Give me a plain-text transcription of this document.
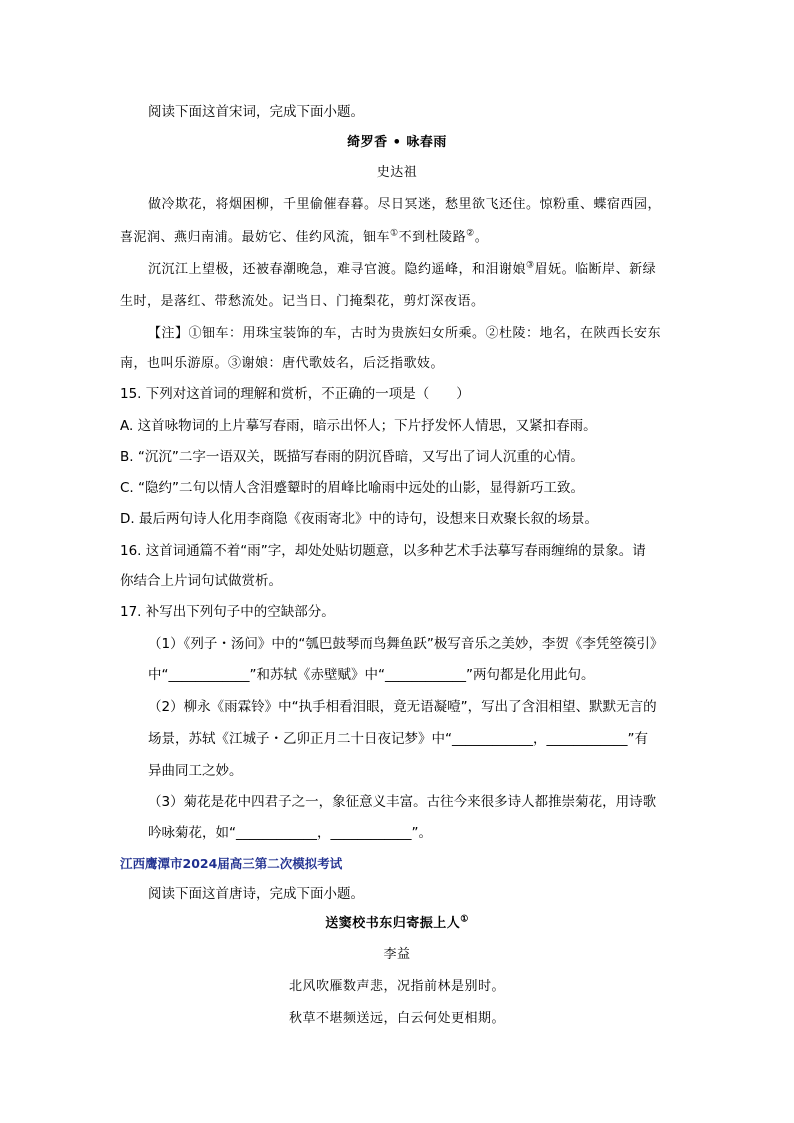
阅读下面这首宋词，完成下面小题。
绮罗香 • 咏春雨
史达祖
做冷欺花，将烟困柳，千里偷催春暮。尽日冥迷，愁里欲飞还住。惊粉重、蝶宿西园，
喜泥润、燕归南浦。最妨它、佳约风流，钿车①不到杜陵路②。
沉沉江上望极，还被春潮晚急，难寻官渡。隐约遥峰，和泪谢娘③眉妩。临断岸、新绿
生时，是落红、带愁流处。记当日、门掩梨花，剪灯深夜语。
【注】①钿车：用珠宝装饰的车，古时为贵族妇女所乘。②杜陵：地名，在陕西长安东
南，也叫乐游原。③谢娘：唐代歌妓名，后泛指歌妓。
15. 下列对这首词的理解和赏析，不正确的一项是（　　）
A. 这首咏物词的上片摹写春雨，暗示出怀人；下片抒发怀人情思，又紧扣春雨。
B. “沉沉”二字一语双关，既描写春雨的阴沉昏暗，又写出了词人沉重的心情。
C. “隐约”二句以情人含泪蹙颦时的眉峰比喻雨中远处的山影，显得新巧工致。
D. 最后两句诗人化用李商隐《夜雨寄北》中的诗句，设想来日欢聚长叙的场景。
16. 这首词通篇不着“雨”字，却处处贴切题意，以多种艺术手法摹写春雨缠绵的景象。请
你结合上片词句试做赏析。
17. 补写出下列句子中的空缺部分。
（1）《列子・汤问》中的“瓠巴鼓琴而鸟舞鱼跃”极写音乐之美妙，李贺《李凭箜篌引》
中“____________”和苏轼《赤壁赋》中“____________”两句都是化用此句。
（2）柳永《雨霖铃》中“执手相看泪眼，竟无语凝噎”，写出了含泪相望、默默无言的
场景，苏轼《江城子・乙卯正月二十日夜记梦》中“____________，____________”有
异曲同工之妙。
（3）菊花是花中四君子之一，象征意义丰富。古往今来很多诗人都推崇菊花，用诗歌
吟咏菊花，如“____________，____________”。
江西鹰潭市2024届高三第二次模拟考试
阅读下面这首唐诗，完成下面小题。
送窦校书东归寄振上人①
李益
北风吹雁数声悲，况指前林是别时。
秋草不堪频送远，白云何处更相期。
